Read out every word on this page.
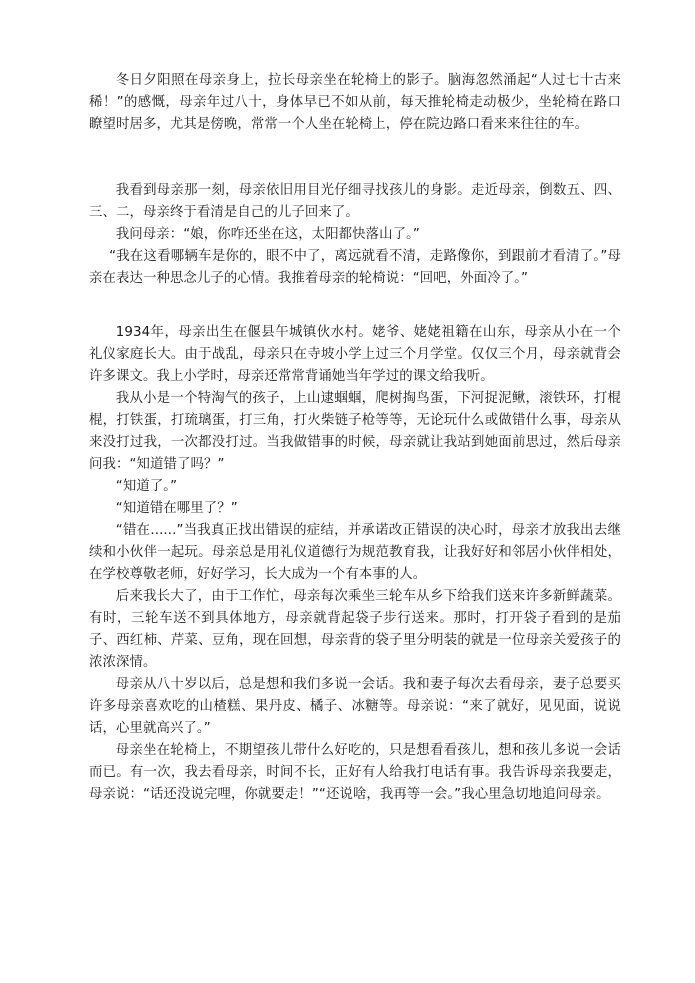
冬日夕阳照在母亲身上，拉长母亲坐在轮椅上的影子。脑海忽然涌起“人过七十古来稀！”的感慨，母亲年过八十，身体早已不如从前，每天推轮椅走动极少，坐轮椅在路口瞭望时居多，尤其是傍晚，常常一个人坐在轮椅上，停在院边路口看来来往往的车。

我看到母亲那一刻，母亲依旧用目光仔细寻找孩儿的身影。走近母亲，倒数五、四、三、二，母亲终于看清是自己的儿子回来了。

我问母亲：“娘，你咋还坐在这，太阳都快落山了。”

“我在这看哪辆车是你的，眼不中了，离远就看不清，走路像你，到跟前才看清了。”母亲在表达一种思念儿子的心情。我推着母亲的轮椅说：“回吧，外面冷了。”

1934年，母亲出生在偃县午城镇伙水村。姥爷、姥姥祖籍在山东，母亲从小在一个礼仪家庭长大。由于战乱，母亲只在寺坡小学上过三个月学堂。仅仅三个月，母亲就背会许多课文。我上小学时，母亲还常常背诵她当年学过的课文给我听。

我从小是一个特淘气的孩子，上山逮蝈蝈，爬树掏鸟蛋，下河捉泥鳅，滚铁环，打棍棍，打铁蛋，打琉璃蛋，打三角，打火柴链子枪等等，无论玩什么或做错什么事，母亲从来没打过我，一次都没打过。当我做错事的时候，母亲就让我站到她面前思过，然后母亲问我：“知道错了吗？”

“知道了。”

“知道错在哪里了？”

“错在......”当我真正找出错误的症结，并承诺改正错误的决心时，母亲才放我出去继续和小伙伴一起玩。母亲总是用礼仪道德行为规范教育我，让我好好和邻居小伙伴相处，在学校尊敬老师，好好学习，长大成为一个有本事的人。

后来我长大了，由于工作忙，母亲每次乘坐三轮车从乡下给我们送来许多新鲜蔬菜。有时，三轮车送不到具体地方，母亲就背起袋子步行送来。那时，打开袋子看到的是茄子、西红柿、芹菜、豆角，现在回想，母亲背的袋子里分明装的就是一位母亲关爱孩子的浓浓深情。

母亲从八十岁以后，总是想和我们多说一会话。我和妻子每次去看母亲，妻子总要买许多母亲喜欢吃的山楂糕、果丹皮、橘子、冰糖等。母亲说：“来了就好，见见面，说说话，心里就高兴了。”

母亲坐在轮椅上，不期望孩儿带什么好吃的，只是想看看孩儿，想和孩儿多说一会话而已。有一次，我去看母亲，时间不长，正好有人给我打电话有事。我告诉母亲我要走，母亲说：“话还没说完哩，你就要走！”“还说啥，我再等一会。”我心里急切地追问母亲。
